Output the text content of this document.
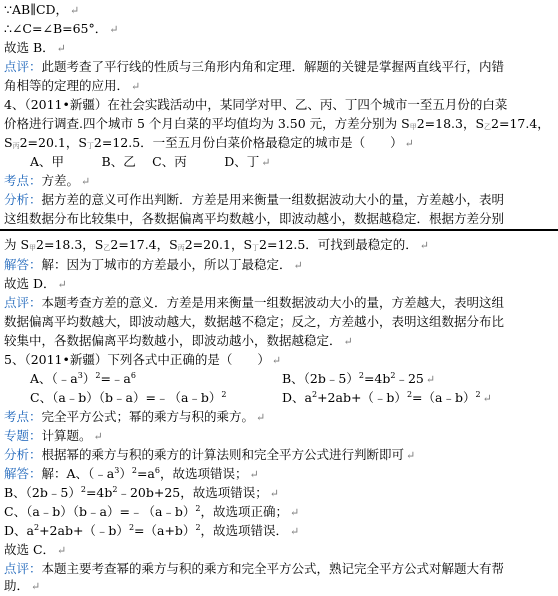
∵AB∥CD， ↵
∴∠C=∠B=65°． ↵
故选 B． ↵
点评：此题考查了平行线的性质与三角形内角和定理．解题的关键是掌握两直线平行，内错
角相等的定理的应用． ↵
4、（2011•新疆）在社会实践活动中，某同学对甲、乙、丙、丁四个城市一至五月份的白菜
价格进行调查.四个城市 5 个月白菜的平均值均为 3.50 元，方差分别为 $S_甲2=18.3$，$S_乙2=17.4$，
$S_丙2=20.1$，$S_丁2=12.5$．一至五月份白菜价格最稳定的城市是（　　） ↵
A、甲　　　B、乙　 C、丙　　　D、丁 ↵
考点：方差。 ↵
分析：据方差的意义可作出判断．方差是用来衡量一组数据波动大小的量，方差越小，表明
这组数据分布比较集中，各数据偏离平均数越小，即波动越小，数据越稳定．根据方差分别
为 $S_甲2=18.3$，$S_乙2=17.4$，$S_丙2=20.1$，$S_丁2=12.5$．可找到最稳定的． ↵
解答：解：因为丁城市的方差最小，所以丁最稳定． ↵
故选 D． ↵
点评：本题考查方差的意义．方差是用来衡量一组数据波动大小的量，方差越大，表明这组
数据偏离平均数越大，即波动越大，数据越不稳定；反之，方差越小，表明这组数据分布比
较集中，各数据偏离平均数越小，即波动越小，数据越稳定． ↵
5、（2011•新疆）下列各式中正确的是（　　） ↵
A、$(﹣a^3)^2=﹣a^6$	B、$(2b﹣5)^2=4b^2﹣25$ ↵
C、（a﹣b）（b﹣a）=﹣（a﹣b）$^2$	D、$a^2+2ab+(﹣b)^2=(a﹣b)^2$ ↵
考点：完全平方公式；幂的乘方与积的乘方。 ↵
专题：计算题。 ↵
分析：根据幂的乘方与积的乘方的计算法则和完全平方公式进行判断即可 ↵
解答：解：A、$(﹣a^3)^2=a^6$，故选项错误； ↵
B、$(2b﹣5)^2=4b^2﹣20b+25$，故选项错误； ↵
C、（a﹣b）（b﹣a）=﹣（a﹣b）$^2$，故选项正确； ↵
D、$a^2+2ab+(﹣b)^2=(a+b)^2$，故选项错误． ↵
故选 C． ↵
点评：本题主要考查幂的乘方与积的乘方和完全平方公式，熟记完全平方公式对解题大有帮
助． ↵
